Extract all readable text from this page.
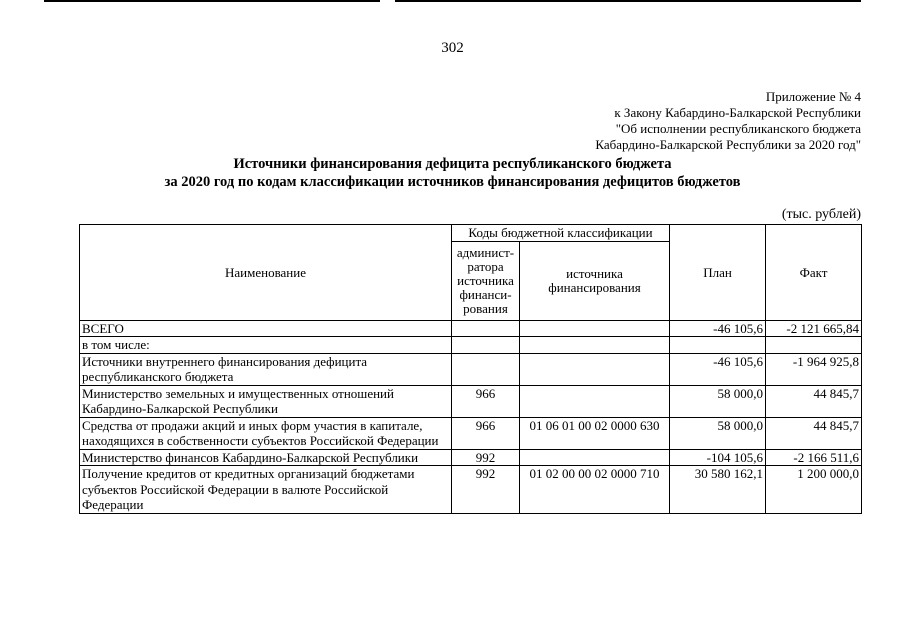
302
Приложение № 4
к Закону Кабардино-Балкарской Республики
"Об исполнении республиканского бюджета
Кабардино-Балкарской Республики за 2020 год"
Источники финансирования дефицита республиканского бюджета
за 2020 год по кодам классификации источников финансирования дефицитов бюджетов
(тыс. рублей)
Наименование	Коды бюджетной классификации		План	Факт
	админист-
ратора
источника
финанси-
рования	источника
финансирования		
ВСЕГО			-46 105,6	-2 121 665,84
в том числе:				
Источники внутреннего финансирования дефицита республиканского бюджета			-46 105,6	-1 964 925,8
Министерство земельных и имущественных отношений Кабардино-Балкарской Республики	966		58 000,0	44 845,7
Средства от продажи акций и иных форм участия в капитале, находящихся в собственности субъектов Российской Федерации	966	01 06 01 00 02 0000 630	58 000,0	44 845,7
Министерство финансов Кабардино-Балкарской Республики	992		-104 105,6	-2 166 511,6
Получение кредитов от кредитных организаций бюджетами субъектов Российской Федерации в валюте Российской Федерации	992	01 02 00 00 02 0000 710	30 580 162,1	1 200 000,0
